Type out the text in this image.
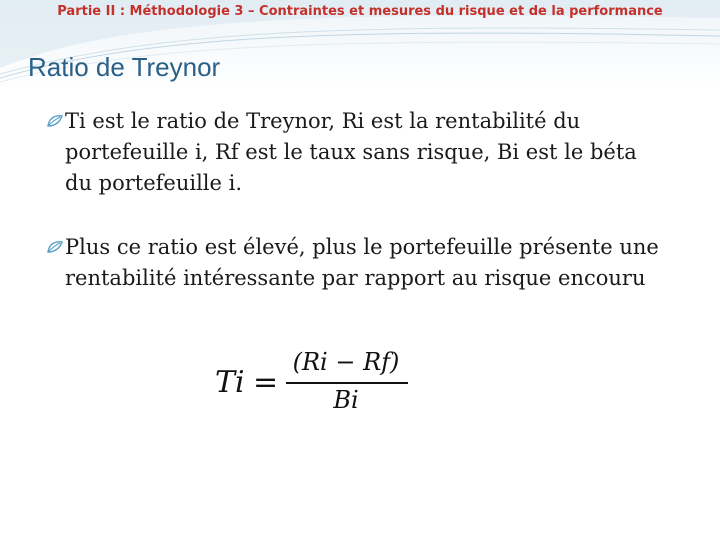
Partie II : Méthodologie 3 – Contraintes et mesures du risque et de la performance
Ratio de Treynor
Ti est le ratio de Treynor, Ri est la rentabilité du portefeuille i, Rf est le taux sans risque, Bi est le béta du portefeuille i.
Plus ce ratio est élevé, plus le portefeuille présente une rentabilité intéressante par rapport au risque encouru
Ti =
(Ri − Rf)
Bi
